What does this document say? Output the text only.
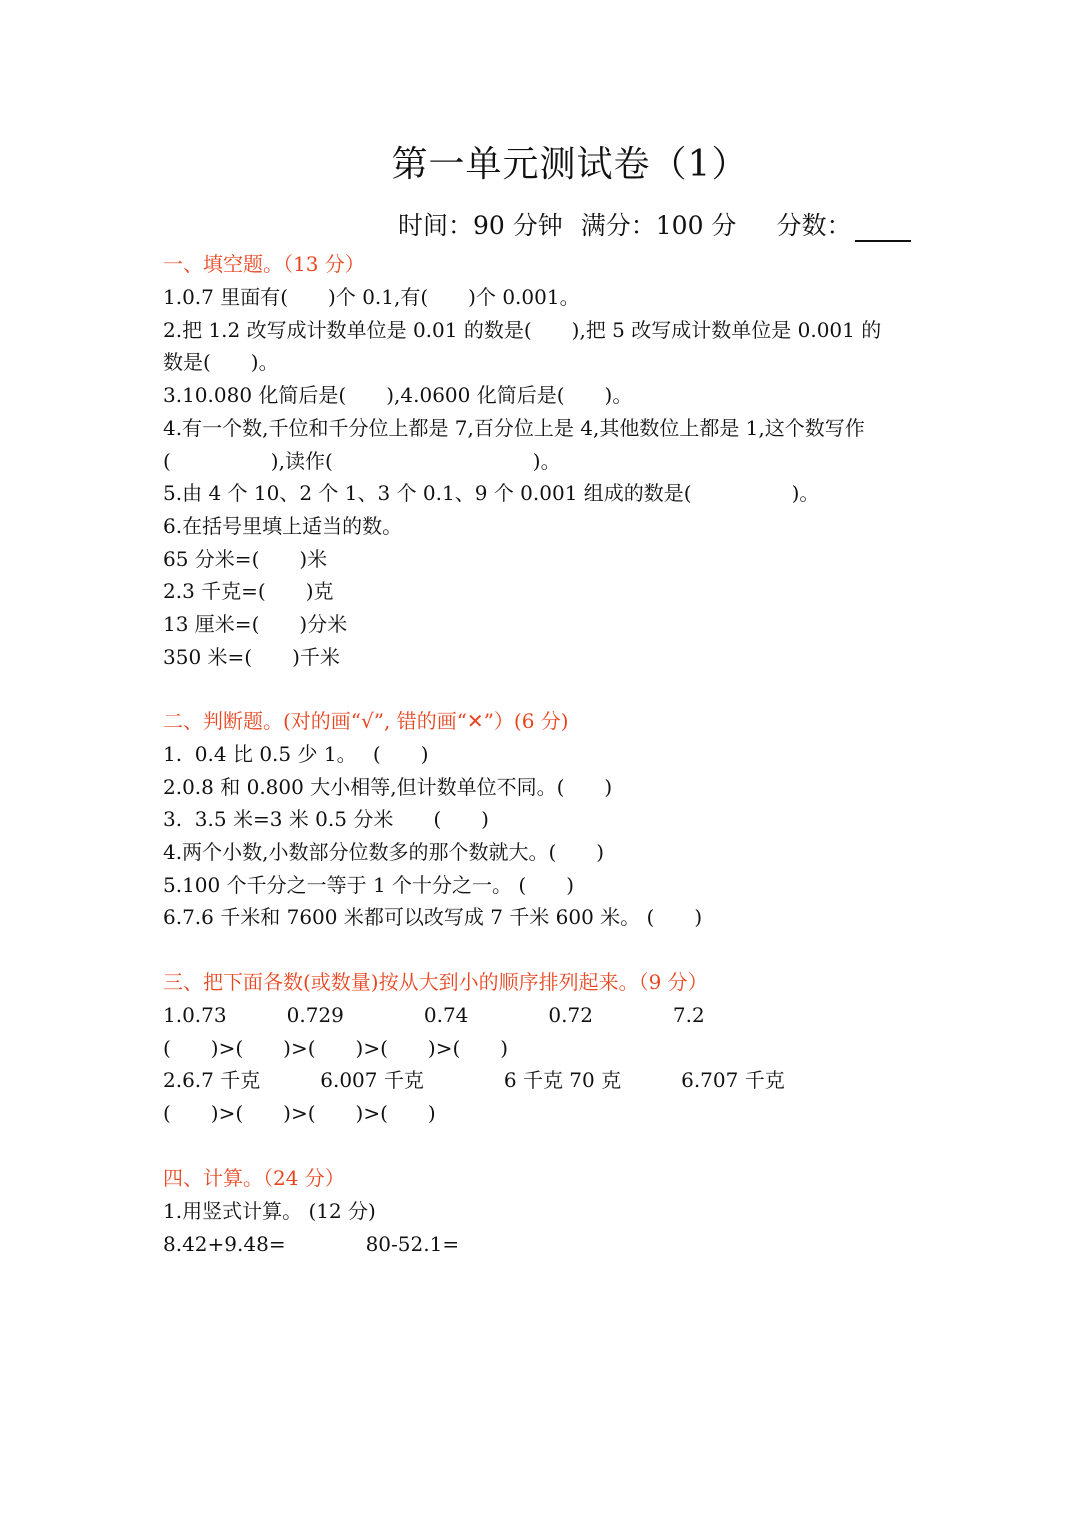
第一单元测试卷（1）
时间：90 分钟 满分：100 分 分数：
一、填空题。（13 分）
1.0.7 里面有(　　)个 0.1,有(　　)个 0.001。
2.把 1.2 改写成计数单位是 0.01 的数是(　　),把 5 改写成计数单位是 0.001 的
数是(　　)。
3.10.080 化简后是(　　),4.0600 化简后是(　　)。
4.有一个数,千位和千分位上都是 7,百分位上是 4,其他数位上都是 1,这个数写作
(　　　　　),读作(　　　　　　　　　　)。
5.由 4 个 10、2 个 1、3 个 0.1、9 个 0.001 组成的数是(　　　　　)。
6.在括号里填上适当的数。
65 分米=(　　)米
2.3 千克=(　　)克
13 厘米=(　　)分米
350 米=(　　)千米
二、判断题。(对的画“√”, 错的画“✕”）(6 分)
1.  0.4 比 0.5 少 1。　 (　　)
2.0.8 和 0.800 大小相等,但计数单位不同。(　　)
3.  3.5 米=3 米 0.5 分米　　(　　)
4.两个小数,小数部分位数多的那个数就大。(　　)
5.100 个千分之一等于 1 个十分之一。 (　　)
6.7.6 千米和 7600 米都可以改写成 7 千米 600 米。 (　　)
三、把下面各数(或数量)按从大到小的顺序排列起来。（9 分）
1.0.73　　　0.729　　　　0.74　　　　0.72　　　　7.2
(　　)>(　　)>(　　)>(　　)>(　　)
2.6.7 千克　　　6.007 千克　　　　6 千克 70 克　　　6.707 千克
(　　)>(　　)>(　　)>(　　)
四、计算。（24 分）
1.用竖式计算。 (12 分)
8.42+9.48=　　　　80-52.1=
